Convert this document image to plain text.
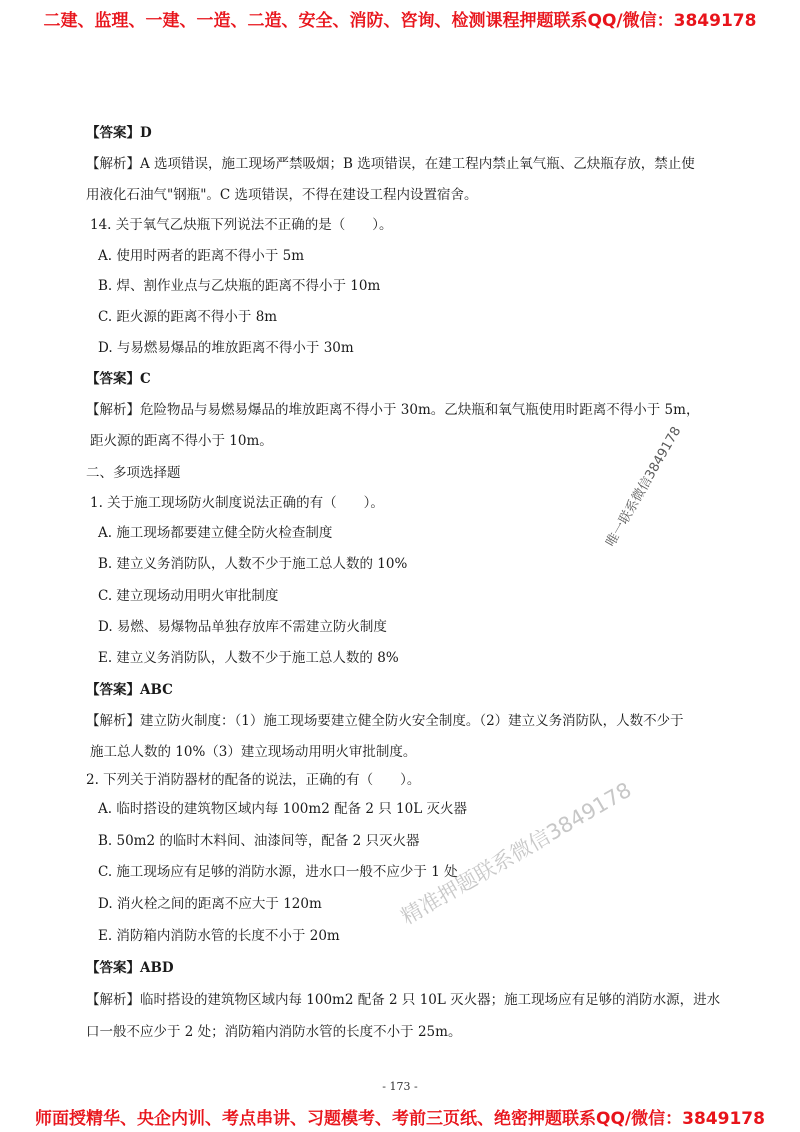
二建、监理、一建、一造、二造、安全、消防、咨询、检测课程押题联系QQ/微信：3849178
【答案】D
【解析】A 选项错误，施工现场严禁吸烟；B 选项错误，在建工程内禁止氧气瓶、乙炔瓶存放，禁止使
用液化石油气"钢瓶"。C 选项错误，不得在建设工程内设置宿舍。
14. 关于氧气乙炔瓶下列说法不正确的是（　　）。
A. 使用时两者的距离不得小于 5m
B. 焊、割作业点与乙炔瓶的距离不得小于 10m
C. 距火源的距离不得小于 8m
D. 与易燃易爆品的堆放距离不得小于 30m
【答案】C
【解析】危险物品与易燃易爆品的堆放距离不得小于 30m。乙炔瓶和氧气瓶使用时距离不得小于 5m，
距火源的距离不得小于 10m。
二、多项选择题
1. 关于施工现场防火制度说法正确的有（　　）。
A. 施工现场都要建立健全防火检查制度
B. 建立义务消防队，人数不少于施工总人数的 10%
C. 建立现场动用明火审批制度
D. 易燃、易爆物品单独存放库不需建立防火制度
E. 建立义务消防队，人数不少于施工总人数的 8%
【答案】ABC
【解析】建立防火制度：（1）施工现场要建立健全防火安全制度。（2）建立义务消防队，人数不少于
施工总人数的 10%（3）建立现场动用明火审批制度。
2. 下列关于消防器材的配备的说法，正确的有（　　）。
A. 临时搭设的建筑物区域内每 100m2 配备 2 只 10L 灭火器
B. 50m2 的临时木料间、油漆间等，配备 2 只灭火器
C. 施工现场应有足够的消防水源，进水口一般不应少于 1 处
D. 消火栓之间的距离不应大于 120m
E. 消防箱内消防水管的长度不小于 20m
【答案】ABD
【解析】临时搭设的建筑物区域内每 100m2 配备 2 只 10L 灭火器；施工现场应有足够的消防水源，进水
口一般不应少于 2 处；消防箱内消防水管的长度不小于 25m。
唯一联系微信3849178
精准押题联系微信3849178
- 173 -
师面授精华、央企内训、考点串讲、习题模考、考前三页纸、绝密押题联系QQ/微信：3849178
